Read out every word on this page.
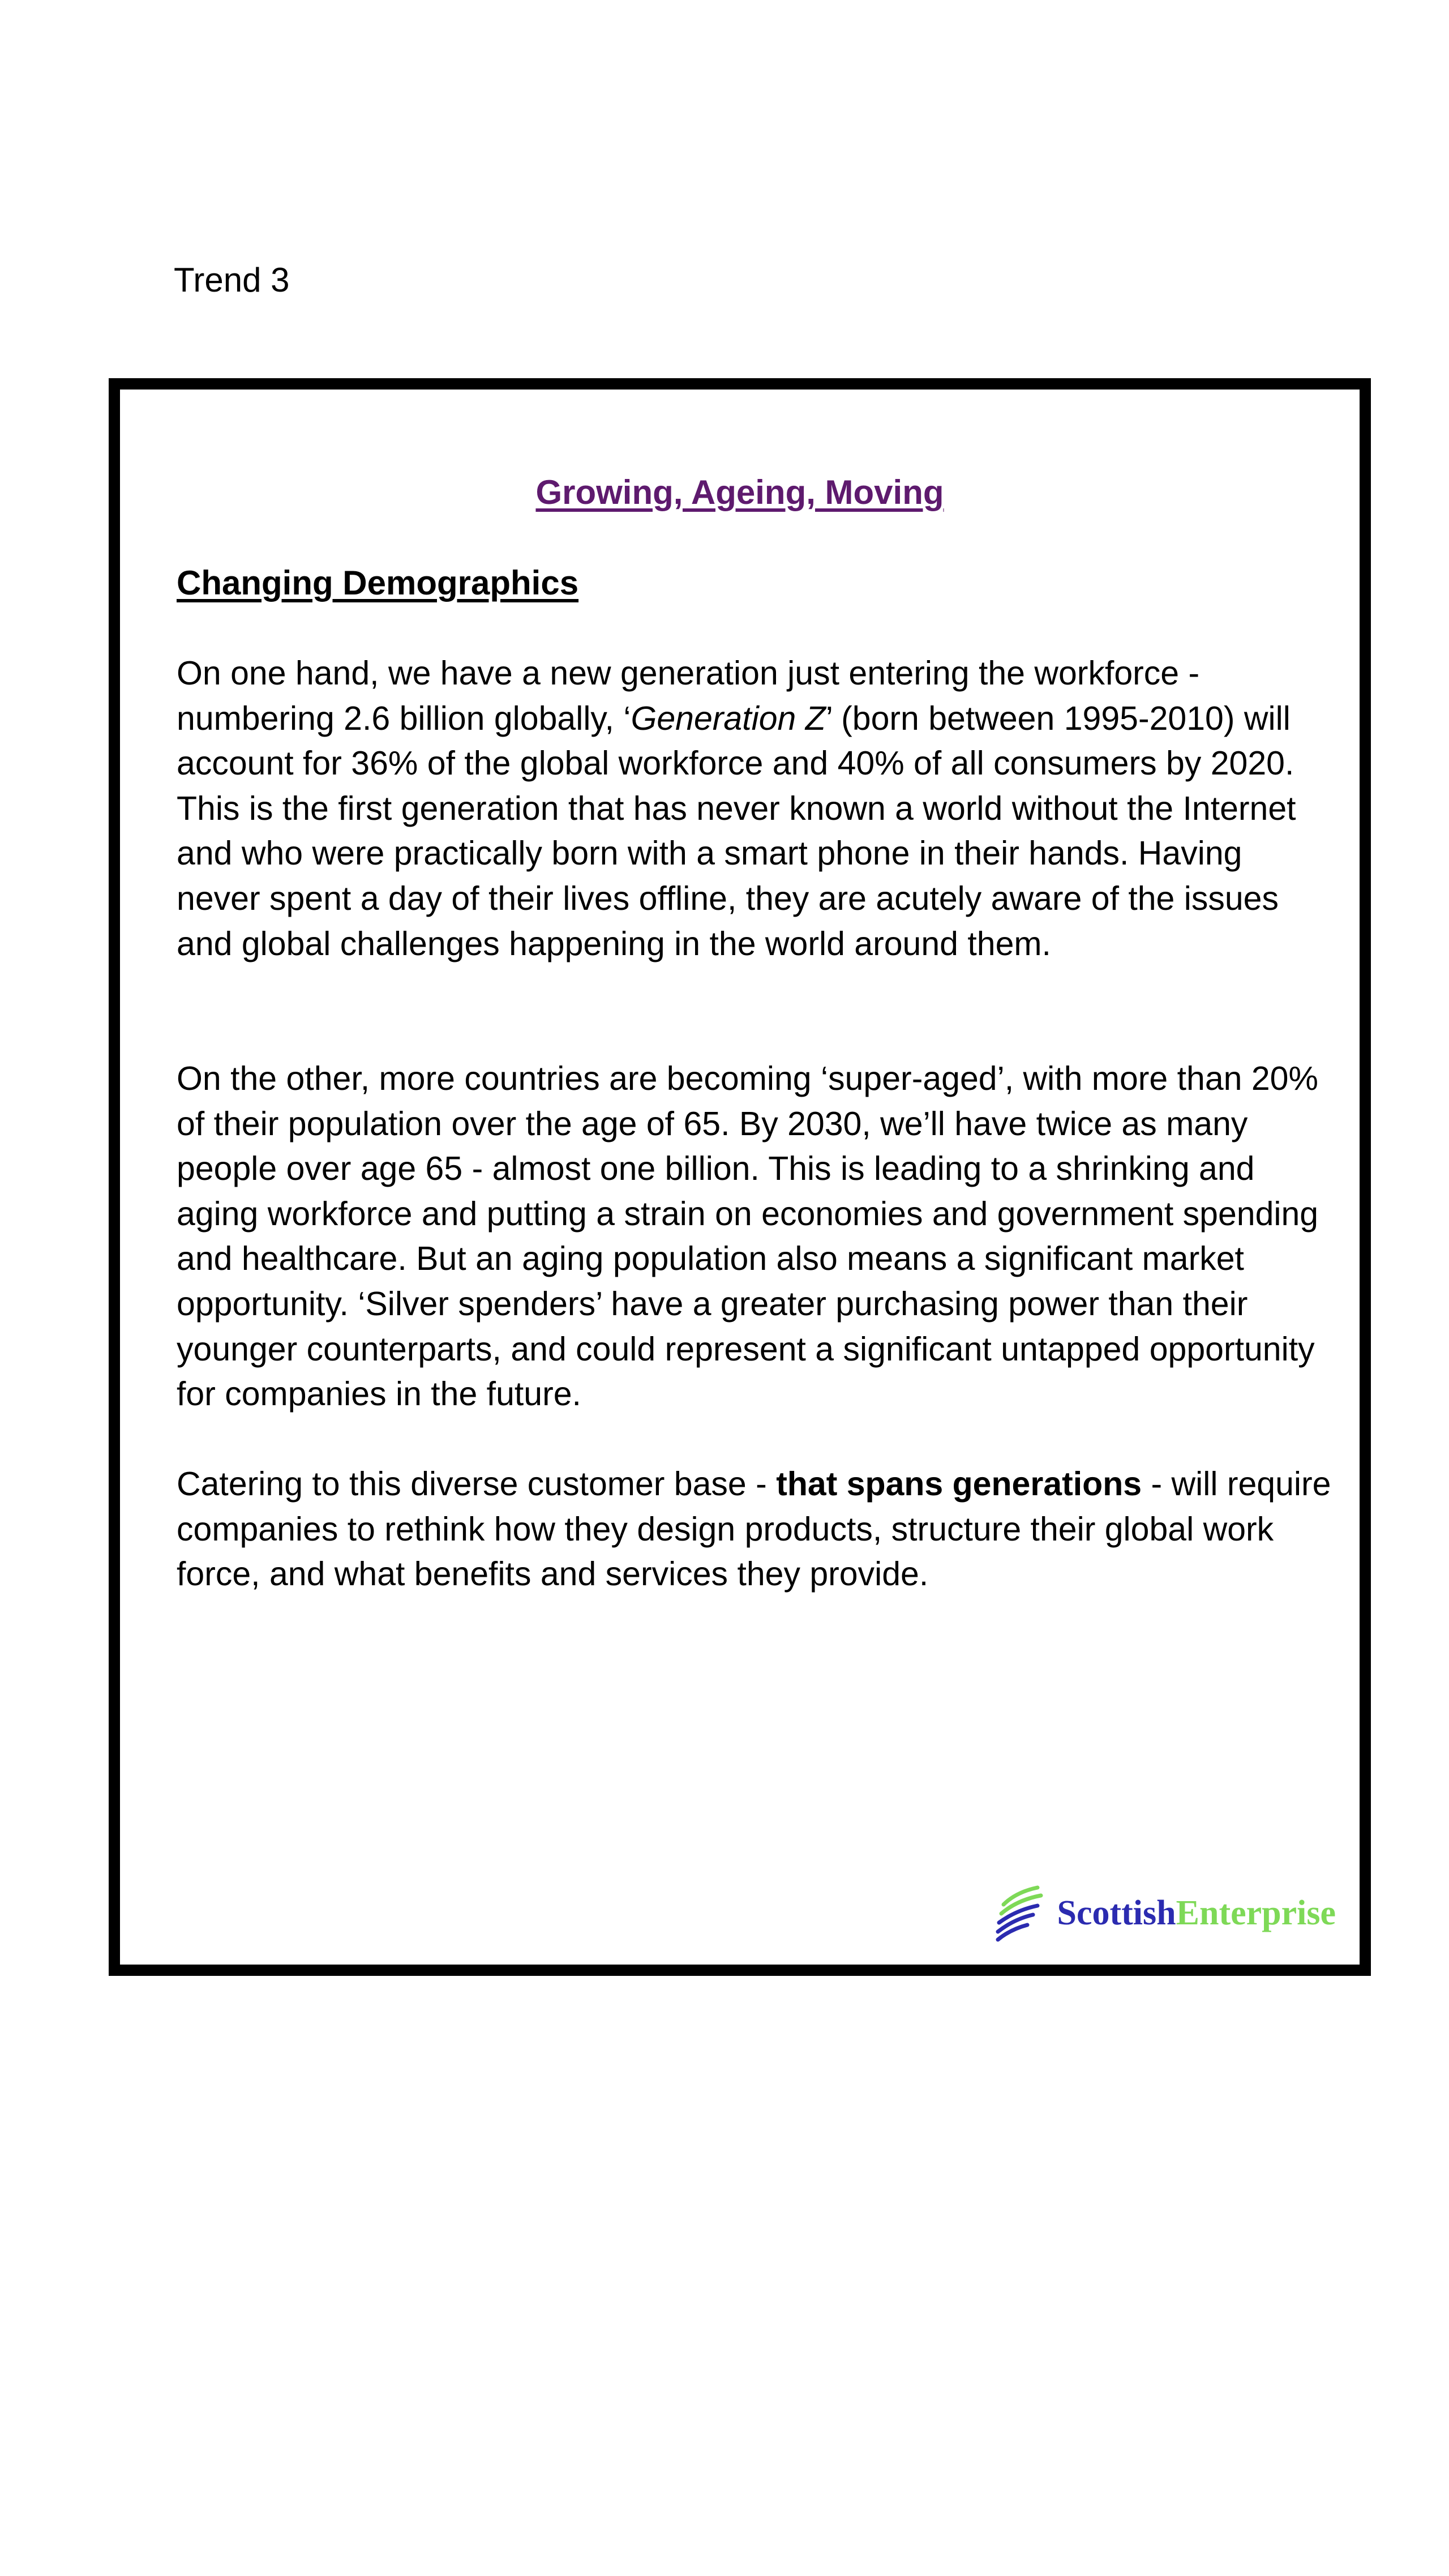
Trend 3

Growing, Ageing, Moving
Changing Demographics

On one hand, we have a new generation just entering the workforce - numbering 2.6 billion globally, ‘Generation Z’ (born between 1995-2010) will account for 36% of the global workforce and 40% of all consumers by 2020. This is the first generation that has never known a world without the Internet and who were practically born with a smart phone in their hands. Having never spent a day of their lives offline, they are acutely aware of the issues and global challenges happening in the world around them.

On the other, more countries are becoming ‘super-aged’, with more than 20% of their population over the age of 65. By 2030, we’ll have twice as many people over age 65 - almost one billion. This is leading to a shrinking and aging workforce and putting a strain on economies and government spending and healthcare. But an aging population also means a significant market opportunity. ‘Silver spenders’ have a greater purchasing power than their younger counterparts, and could represent a significant untapped opportunity for companies in the future.

Catering to this diverse customer base - that spans generations - will require companies to rethink how they design products, structure their global work force, and what benefits and services they provide.

ScottishEnterprise
